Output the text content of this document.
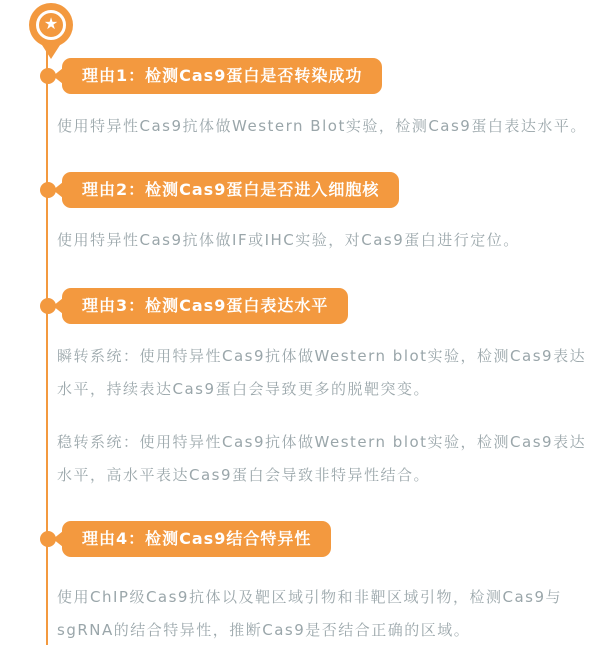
★
理由1：检测Cas9蛋白是否转染成功

使用特异性Cas9抗体做Western Blot实验，检测Cas9蛋白表达水平。

理由2：检测Cas9蛋白是否进入细胞核

使用特异性Cas9抗体做IF或IHC实验，对Cas9蛋白进行定位。

理由3：检测Cas9蛋白表达水平

瞬转系统：使用特异性Cas9抗体做Western blot实验，检测Cas9表达水平，持续表达Cas9蛋白会导致更多的脱靶突变。

稳转系统：使用特异性Cas9抗体做Western blot实验，检测Cas9表达水平，高水平表达Cas9蛋白会导致非特异性结合。

理由4：检测Cas9结合特异性

使用ChIP级Cas9抗体以及靶区域引物和非靶区域引物，检测Cas9与sgRNA的结合特异性，推断Cas9是否结合正确的区域。
